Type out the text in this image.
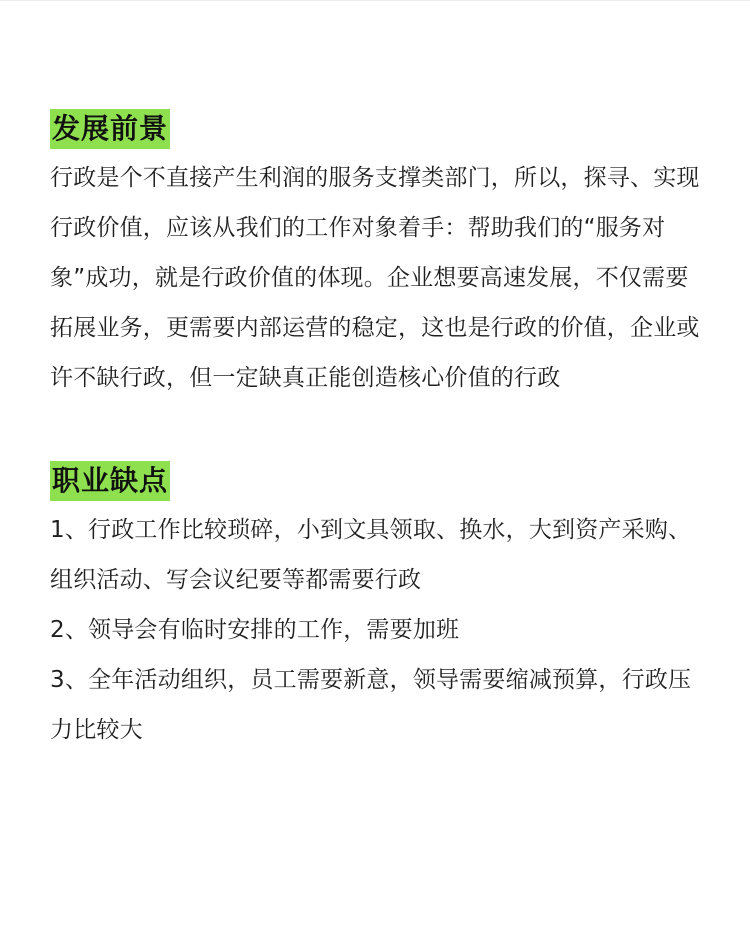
发展前景

行政是个不直接产生利润的服务支撑类部门，所以，探寻、实现行政价值，应该从我们的工作对象着手：帮助我们的“服务对象”成功，就是行政价值的体现。企业想要高速发展，不仅需要拓展业务，更需要内部运营的稳定，这也是行政的价值，企业或许不缺行政，但一定缺真正能创造核心价值的行政

职业缺点
1、行政工作比较琐碎，小到文具领取、换水，大到资产采购、组织活动、写会议纪要等都需要行政
2、领导会有临时安排的工作，需要加班
3、全年活动组织，员工需要新意，领导需要缩减预算，行政压力比较大
